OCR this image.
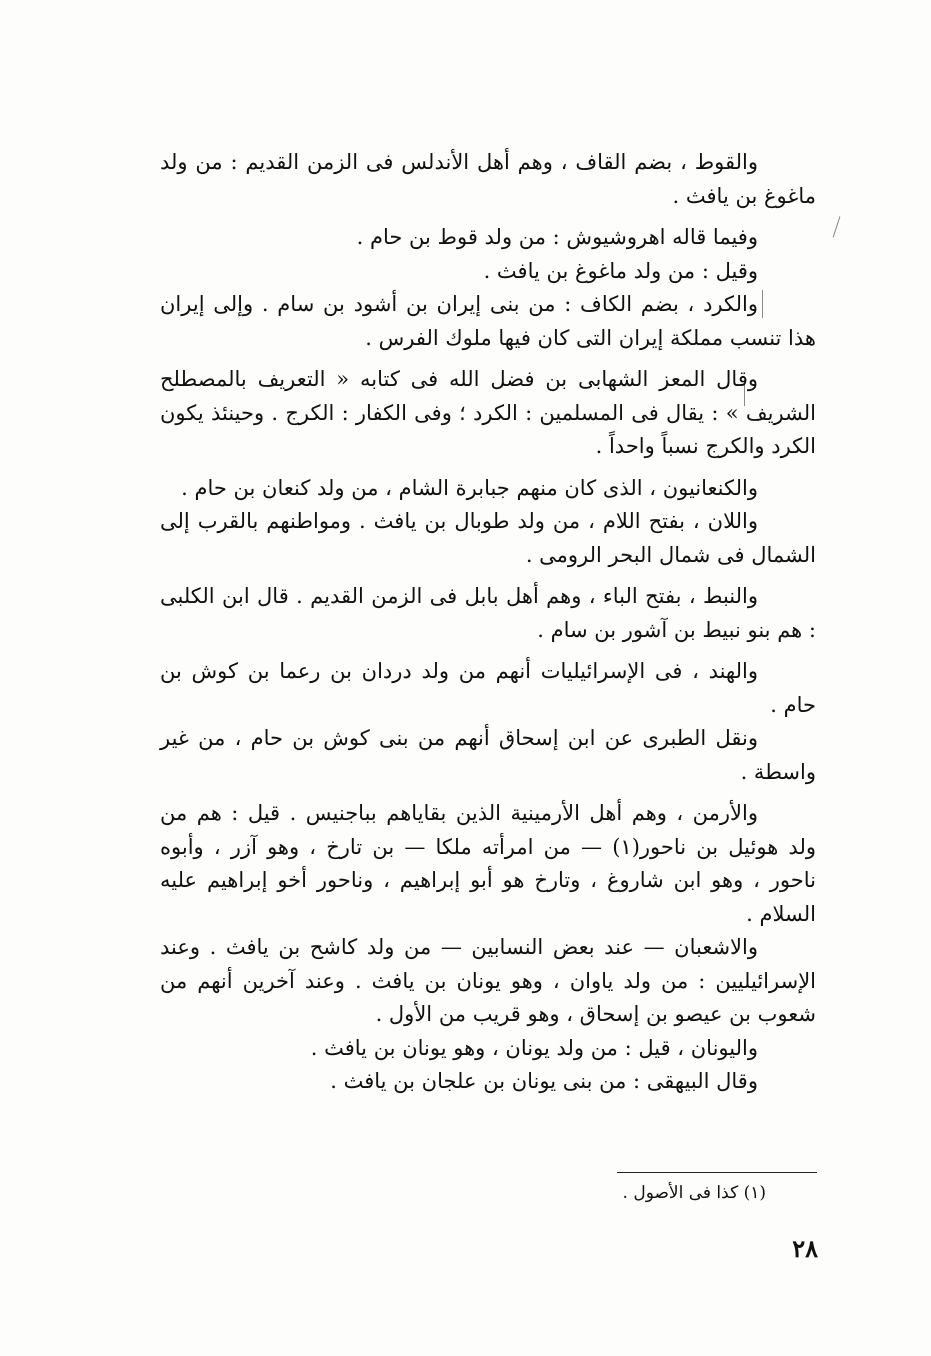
والقوط ، بضم القاف ، وهم أهل الأندلس فى الزمن القديم : من ولد ماغوغ بن يافث .

وفيما قاله اهروشيوش : من ولد قوط بن حام .

وقيل : من ولد ماغوغ بن يافث .

والكرد ، بضم الكاف : من بنى إيران بن أشود بن سام . وإلى إيران هذا تنسب مملكة إيران التى كان فيها ملوك الفرس .

وقال المعز الشهابى بن فضل الله فى كتابه « التعريف بالمصطلح الشريف » : يقال فى المسلمين : الكرد ؛ وفى الكفار : الكرج . وحينئذ يكون الكرد والكرج نسباً واحداً .

والكنعانيون ، الذى كان منهم جبابرة الشام ، من ولد كنعان بن حام .

واللان ، بفتح اللام ، من ولد طوبال بن يافث . ومواطنهم بالقرب إلى الشمال فى شمال البحر الرومى .

والنبط ، بفتح الباء ، وهم أهل بابل فى الزمن القديم . قال ابن الكلبى : هم بنو نبيط بن آشور بن سام .

والهند ، فى الإسرائيليات أنهم من ولد دردان بن رعما بن كوش بن حام .

ونقل الطبرى عن ابن إسحاق أنهم من بنى كوش بن حام ، من غير واسطة .

والأرمن ، وهم أهل الأرمينية الذين بقاياهم بباجنيس . قيل : هم من ولد هوئيل بن ناحور(١) — من امرأته ملكا — بن تارخ ، وهو آزر ، وأبوه ناحور ، وهو ابن شاروغ ، وتارخ هو أبو إبراهيم ، وناحور أخو إبراهيم عليه السلام .

والاشعبان — عند بعض النسابين — من ولد كاشح بن يافث . وعند الإسرائيليين : من ولد ياوان ، وهو يونان بن يافث . وعند آخرين أنهم من شعوب بن عيصو بن إسحاق ، وهو قريب من الأول .

واليونان ، قيل : من ولد يونان ، وهو يونان بن يافث .

وقال البيهقى : من بنى يونان بن علجان بن يافث .

(١) كذا فى الأصول .
٢٨
